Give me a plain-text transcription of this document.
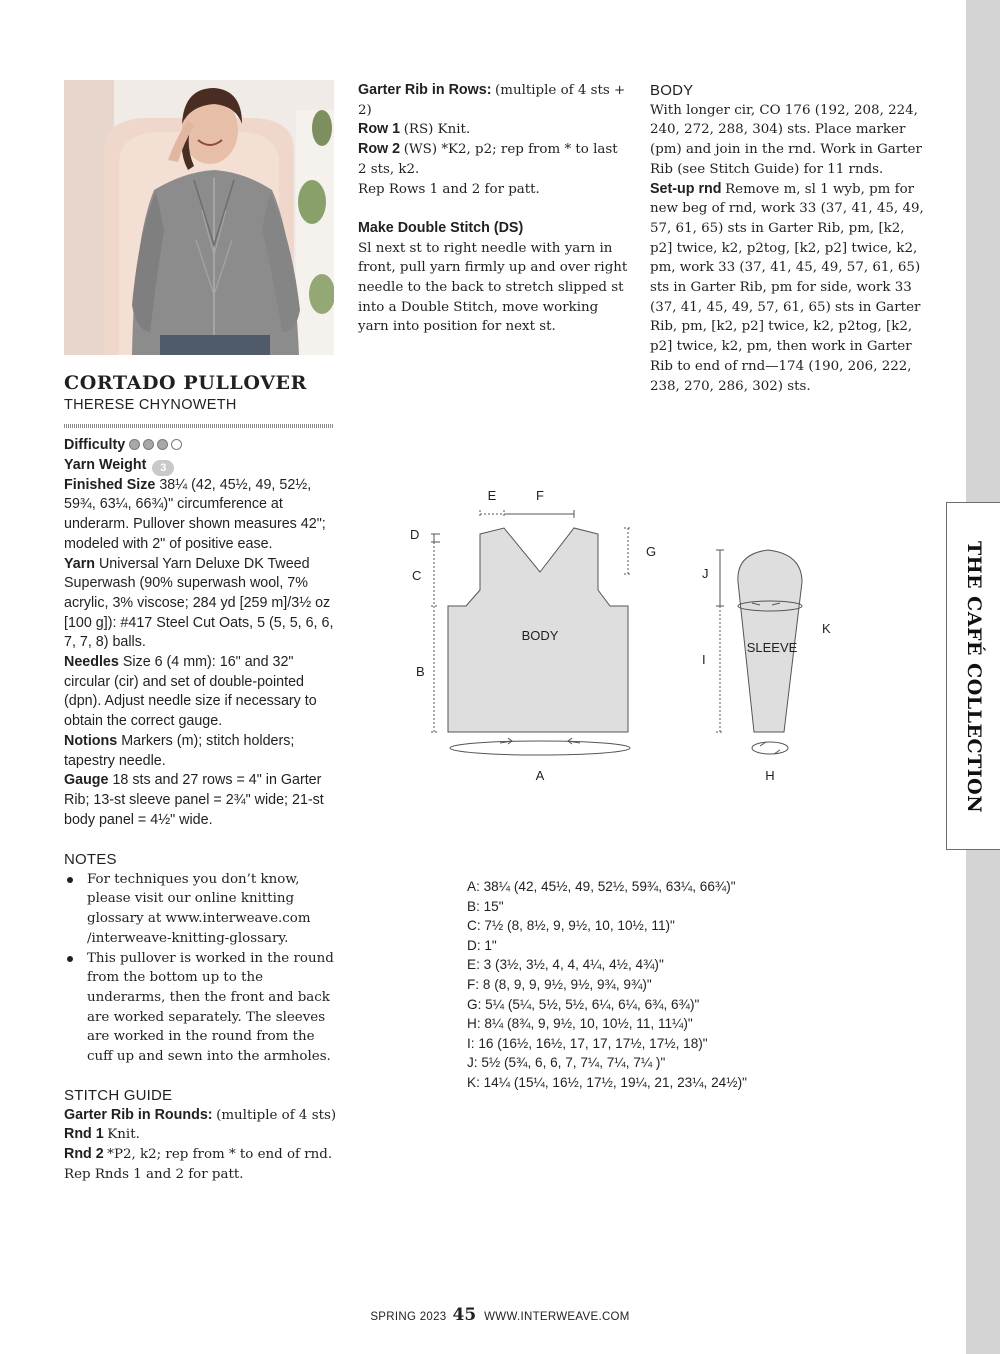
THE CAFÉ COLLECTION
CORTADO PULLOVER
THERESE CHYNOWETH

Difficulty

Yarn Weight 3

Finished Size 38¼ (42, 45½, 49, 52½, 59¾, 63¼, 66¾)" circumference at underarm. Pullover shown measures 42"; modeled with 2" of positive ease.

Yarn Universal Yarn Deluxe DK Tweed Superwash (90% superwash wool, 7% acrylic, 3% viscose; 284 yd [259 m]/3½ oz [100 g]): #417 Steel Cut Oats, 5 (5, 5, 6, 6, 7, 7, 8) balls.

Needles Size 6 (4 mm): 16" and 32" circular (cir) and set of double-pointed (dpn). Adjust needle size if necessary to obtain the correct gauge.

Notions Markers (m); stitch holders; tapestry needle.

Gauge 18 sts and 27 rows = 4" in Garter Rib; 13-st sleeve panel = 2¾" wide; 21-st body panel = 4½" wide.

NOTES

For techniques you don’t know, please visit our online knitting glossary at www.interweave.com /interweave-knitting-glossary.
This pullover is worked in the round from the bottom up to the underarms, then the front and back are worked separately. The sleeves are worked in the round from the cuff up and sewn into the armholes.

STITCH GUIDE

Garter Rib in Rounds: (multiple of 4 sts)

Rnd 1 Knit.

Rnd 2 *P2, k2; rep from * to end of rnd.

Rep Rnds 1 and 2 for patt.

Garter Rib in Rows: (multiple of 4 sts + 2)

Row 1 (RS) Knit.

Row 2 (WS) *K2, p2; rep from * to last 2 sts, k2.

Rep Rows 1 and 2 for patt.

Make Double Stitch (DS)

Sl next st to right needle with yarn in front, pull yarn firmly up and over right needle to the back to stretch slipped st into a Double Stitch, move working yarn into position for next st.

BODY

With longer cir, CO 176 (192, 208, 224, 240, 272, 288, 304) sts. Place marker (pm) and join in the rnd. Work in Garter Rib (see Stitch Guide) for 11 rnds.

Set-up rnd Remove m, sl 1 wyb, pm for new beg of rnd, work 33 (37, 41, 45, 49, 57, 61, 65) sts in Garter Rib, pm, [k2, p2] twice, k2, p2tog, [k2, p2] twice, k2, pm, work 33 (37, 41, 45, 49, 57, 61, 65) sts in Garter Rib, pm for side, work 33 (37, 41, 45, 49, 57, 61, 65) sts in Garter Rib, pm, [k2, p2] twice, k2, p2tog, [k2, p2] twice, k2, pm, then work in Garter Rib to end of rnd—174 (190, 206, 222, 238, 270, 286, 302) sts.

BODY
SLEEVE
A
B
C
D
E	F
G
H
I
J
K

A: 38¼ (42, 45½, 49, 52½, 59¾, 63¼, 66¾)"

B: 15"

C: 7½ (8, 8½, 9, 9½, 10, 10½, 11)"

D: 1"

E: 3 (3½, 3½, 4, 4, 4¼, 4½, 4¾)"

F: 8 (8, 9, 9, 9½, 9½, 9¾, 9¾)"

G: 5¼ (5¼, 5½, 5½, 6¼, 6¼, 6¾, 6¾)"

H: 8¼ (8¾, 9, 9½, 10, 10½, 11, 11¼)"

I: 16 (16½, 16½, 17, 17, 17½, 17½, 18)"

J: 5½ (5¾, 6, 6, 7, 7¼, 7¼, 7¼ )"

K: 14¼ (15¼, 16½, 17½, 19¼, 21, 23¼, 24½)"

SPRING 2023 45 WWW.INTERWEAVE.COM
